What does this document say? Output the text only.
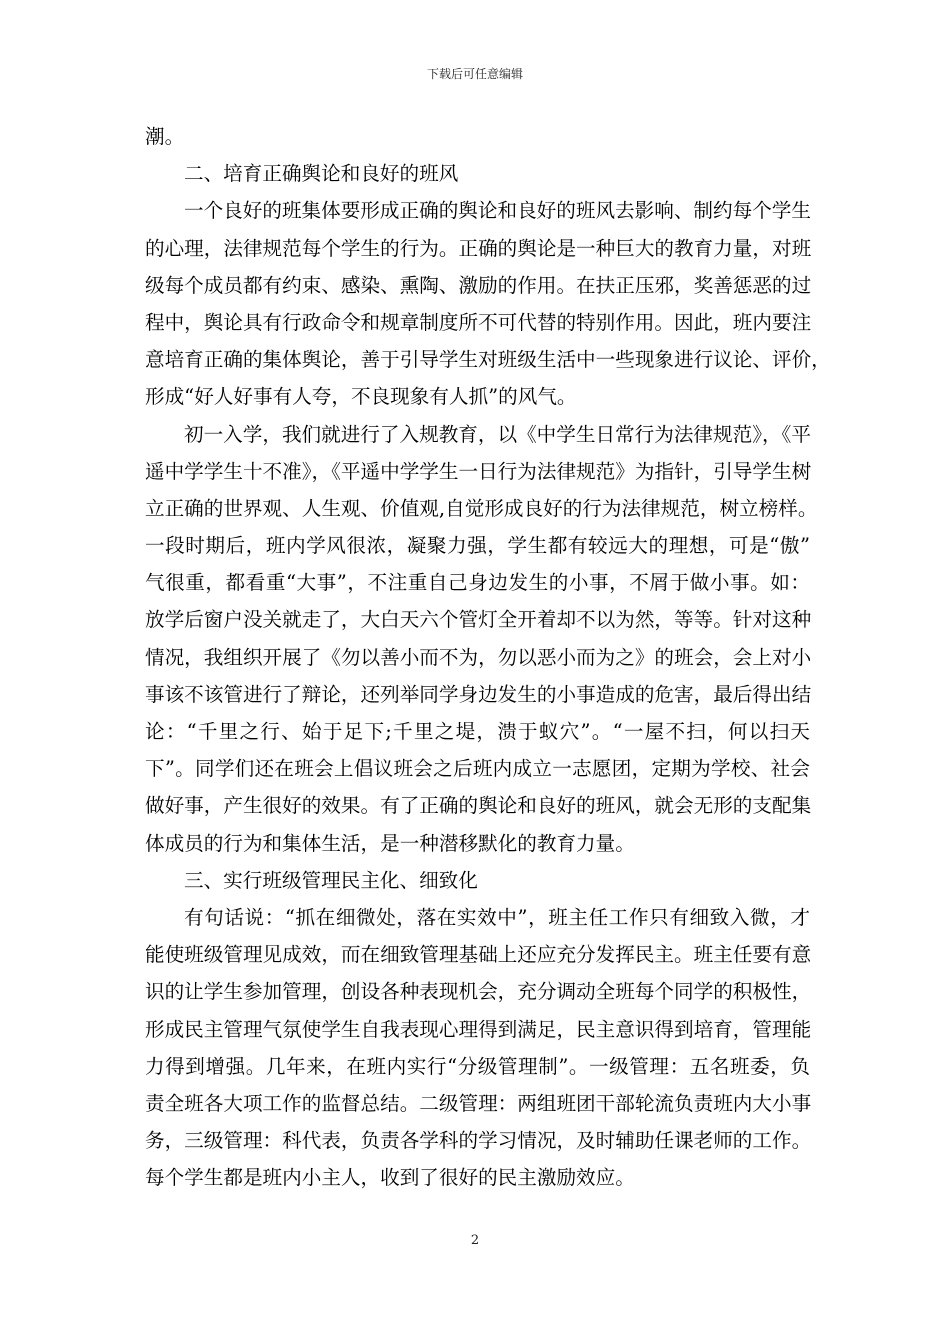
下载后可任意编辑
潮。
二、培育正确舆论和良好的班风
一个良好的班集体要形成正确的舆论和良好的班风去影响、制约每个学生
的心理，法律规范每个学生的行为。正确的舆论是一种巨大的教育力量，对班
级每个成员都有约束、感染、熏陶、激励的作用。在扶正压邪，奖善惩恶的过
程中，舆论具有行政命令和规章制度所不可代替的特别作用。因此，班内要注
意培育正确的集体舆论，善于引导学生对班级生活中一些现象进行议论、评价，
形成“好人好事有人夸，不良现象有人抓”的风气。
初一入学，我们就进行了入规教育，以《中学生日常行为法律规范》，《平
遥中学学生十不准》，《平遥中学学生一日行为法律规范》为指针，引导学生树
立正确的世界观、人生观、价值观,自觉形成良好的行为法律规范，树立榜样。
一段时期后，班内学风很浓，凝聚力强，学生都有较远大的理想，可是“傲”
气很重，都看重“大事”，不注重自己身边发生的小事，不屑于做小事。如：
放学后窗户没关就走了，大白天六个管灯全开着却不以为然，等等。针对这种
情况，我组织开展了《勿以善小而不为，勿以恶小而为之》的班会，会上对小
事该不该管进行了辩论，还列举同学身边发生的小事造成的危害，最后得出结
论：“千里之行、始于足下;千里之堤，溃于蚁穴”。“一屋不扫，何以扫天
下”。同学们还在班会上倡议班会之后班内成立一志愿团，定期为学校、社会
做好事，产生很好的效果。有了正确的舆论和良好的班风，就会无形的支配集
体成员的行为和集体生活，是一种潜移默化的教育力量。
三、实行班级管理民主化、细致化
有句话说：“抓在细微处，落在实效中”，班主任工作只有细致入微，才
能使班级管理见成效，而在细致管理基础上还应充分发挥民主。班主任要有意
识的让学生参加管理，创设各种表现机会，充分调动全班每个同学的积极性，
形成民主管理气氛使学生自我表现心理得到满足，民主意识得到培育，管理能
力得到增强。几年来，在班内实行“分级管理制”。一级管理：五名班委，负
责全班各大项工作的监督总结。二级管理：两组班团干部轮流负责班内大小事
务，三级管理：科代表，负责各学科的学习情况，及时辅助任课老师的工作。
每个学生都是班内小主人，收到了很好的民主激励效应。
2
